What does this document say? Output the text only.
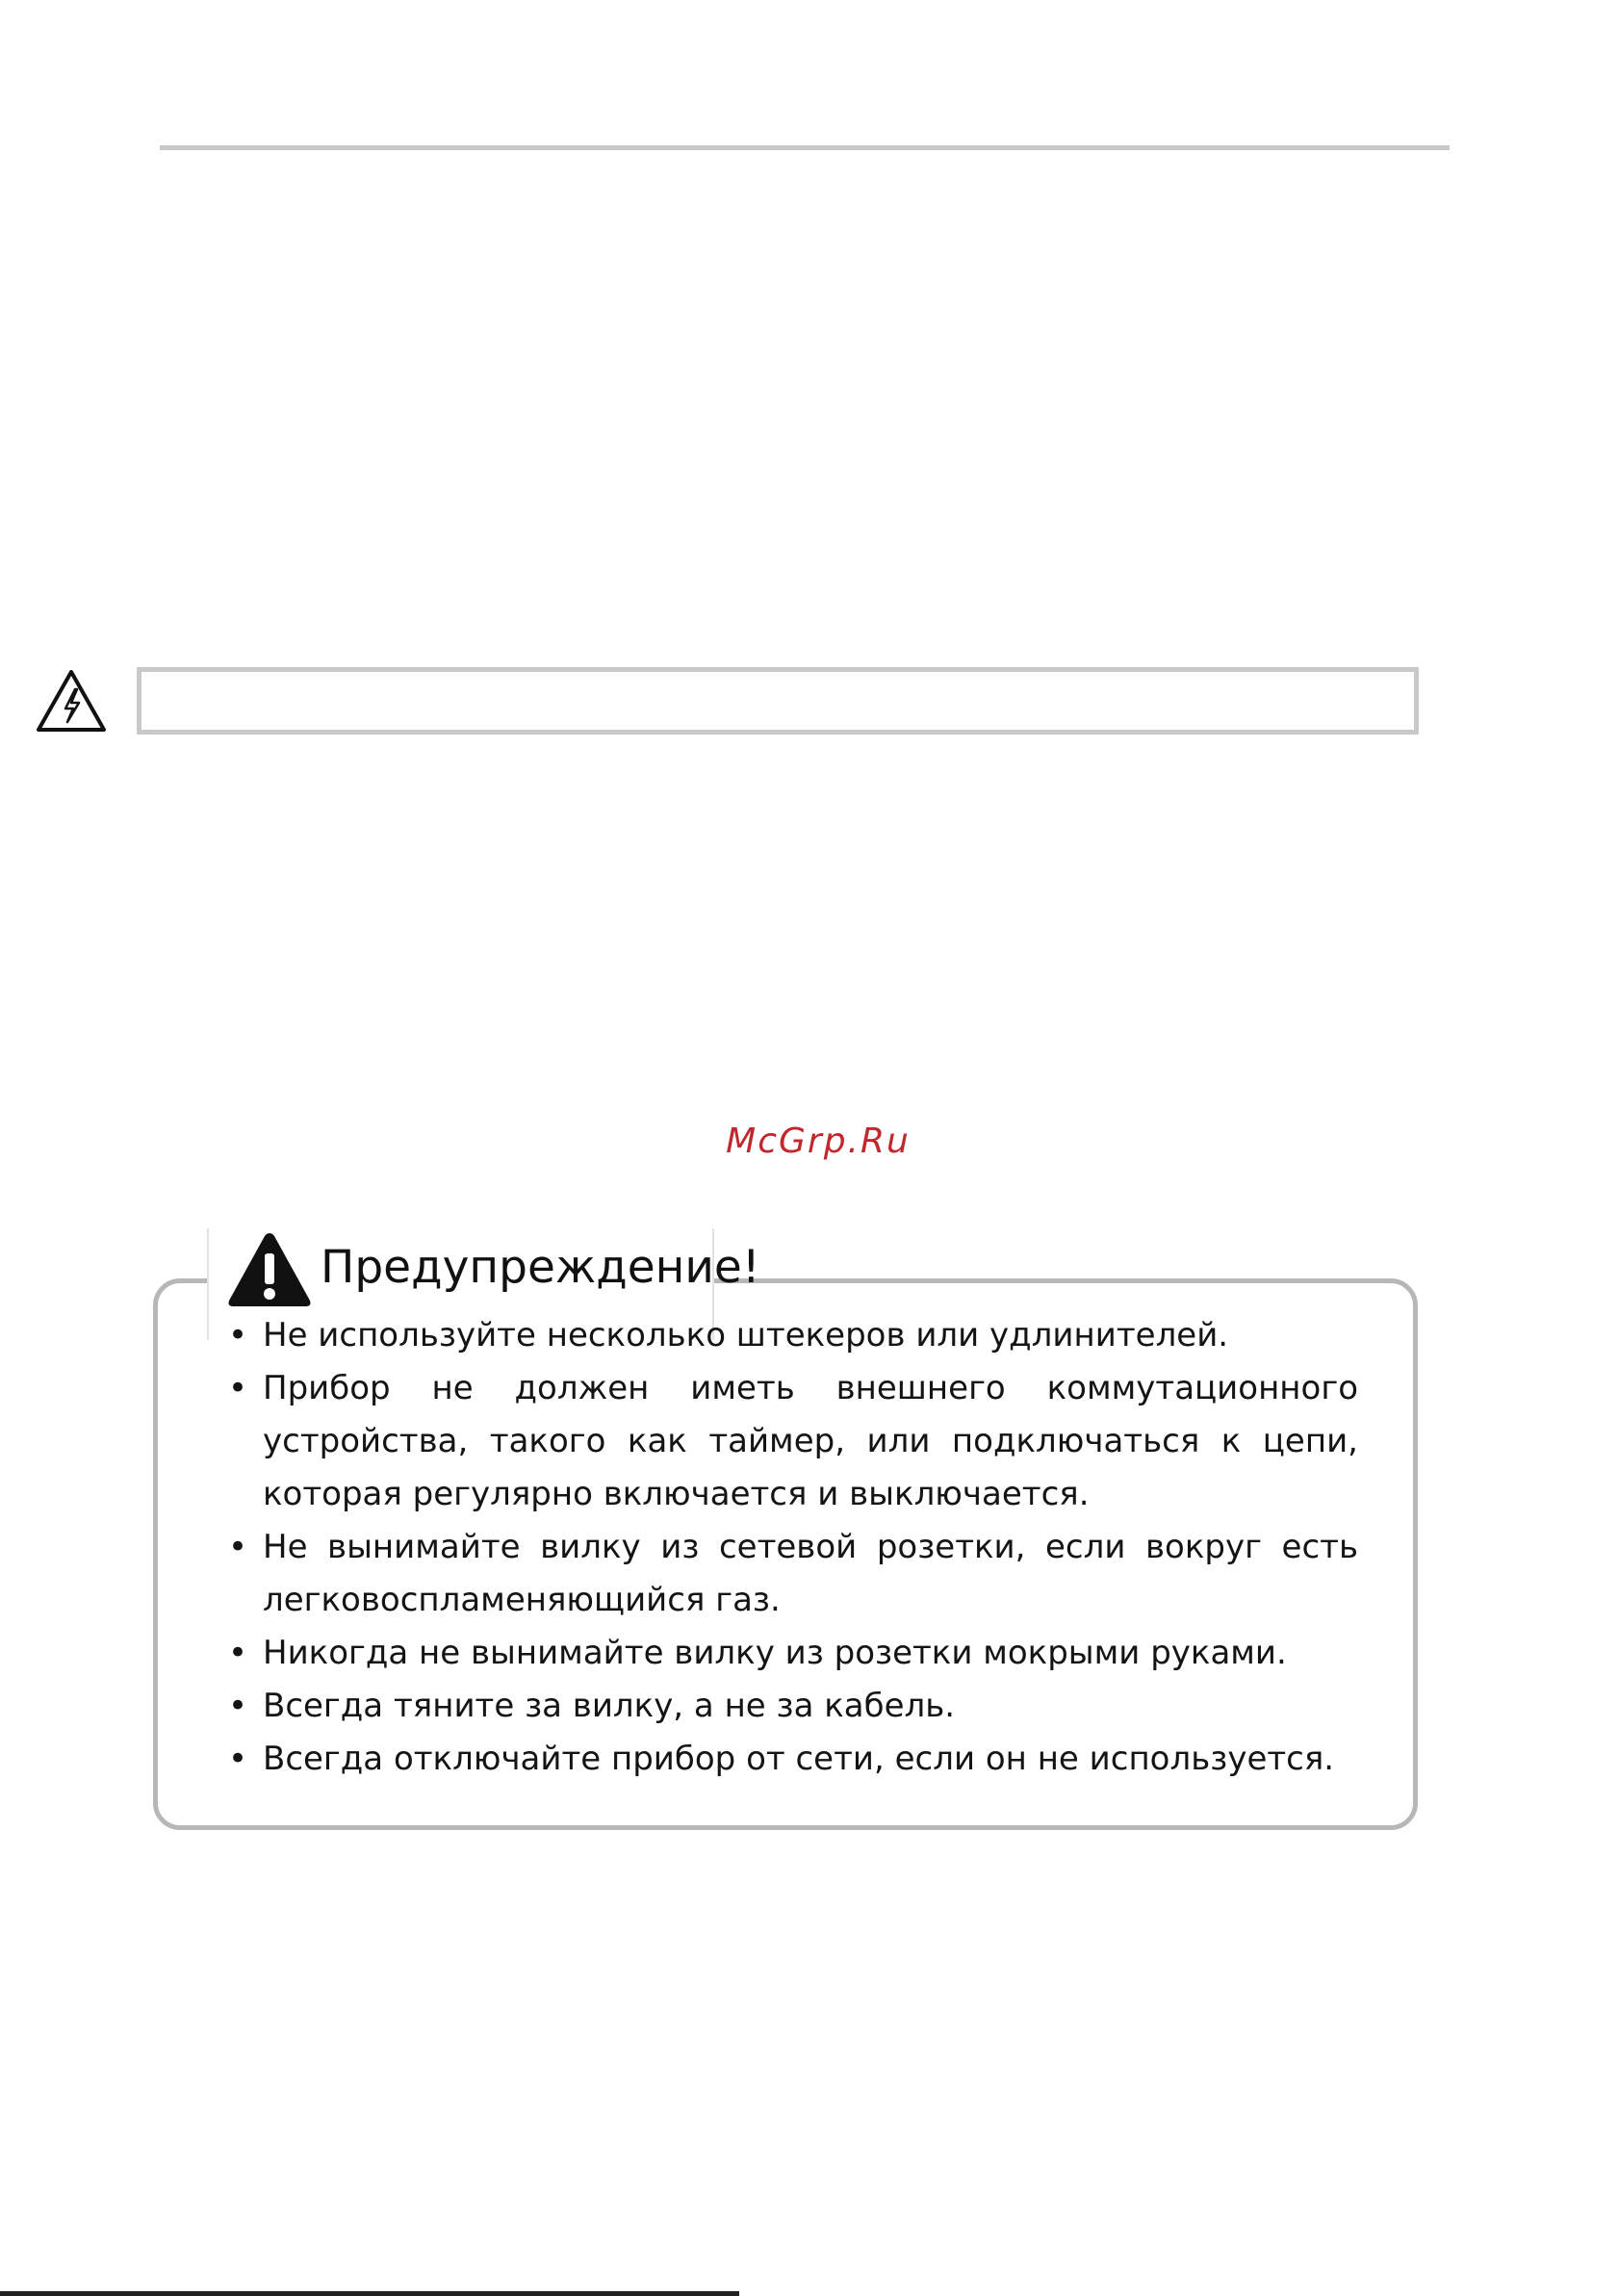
McGrp.Ru
Предупреждение!
• Не используйте несколько штекеров или удлинителей.
• Прибор не должен иметь внешнего коммутационного устройства, такого как таймер, или подключаться к цепи, которая регулярно включается и выключается.
• Не вынимайте вилку из сетевой розетки, если вокруг есть легковоспламеняющийся газ.
• Никогда не вынимайте вилку из розетки мокрыми руками.
• Всегда тяните за вилку, а не за кабель.
• Всегда отключайте прибор от сети, если он не используется.
